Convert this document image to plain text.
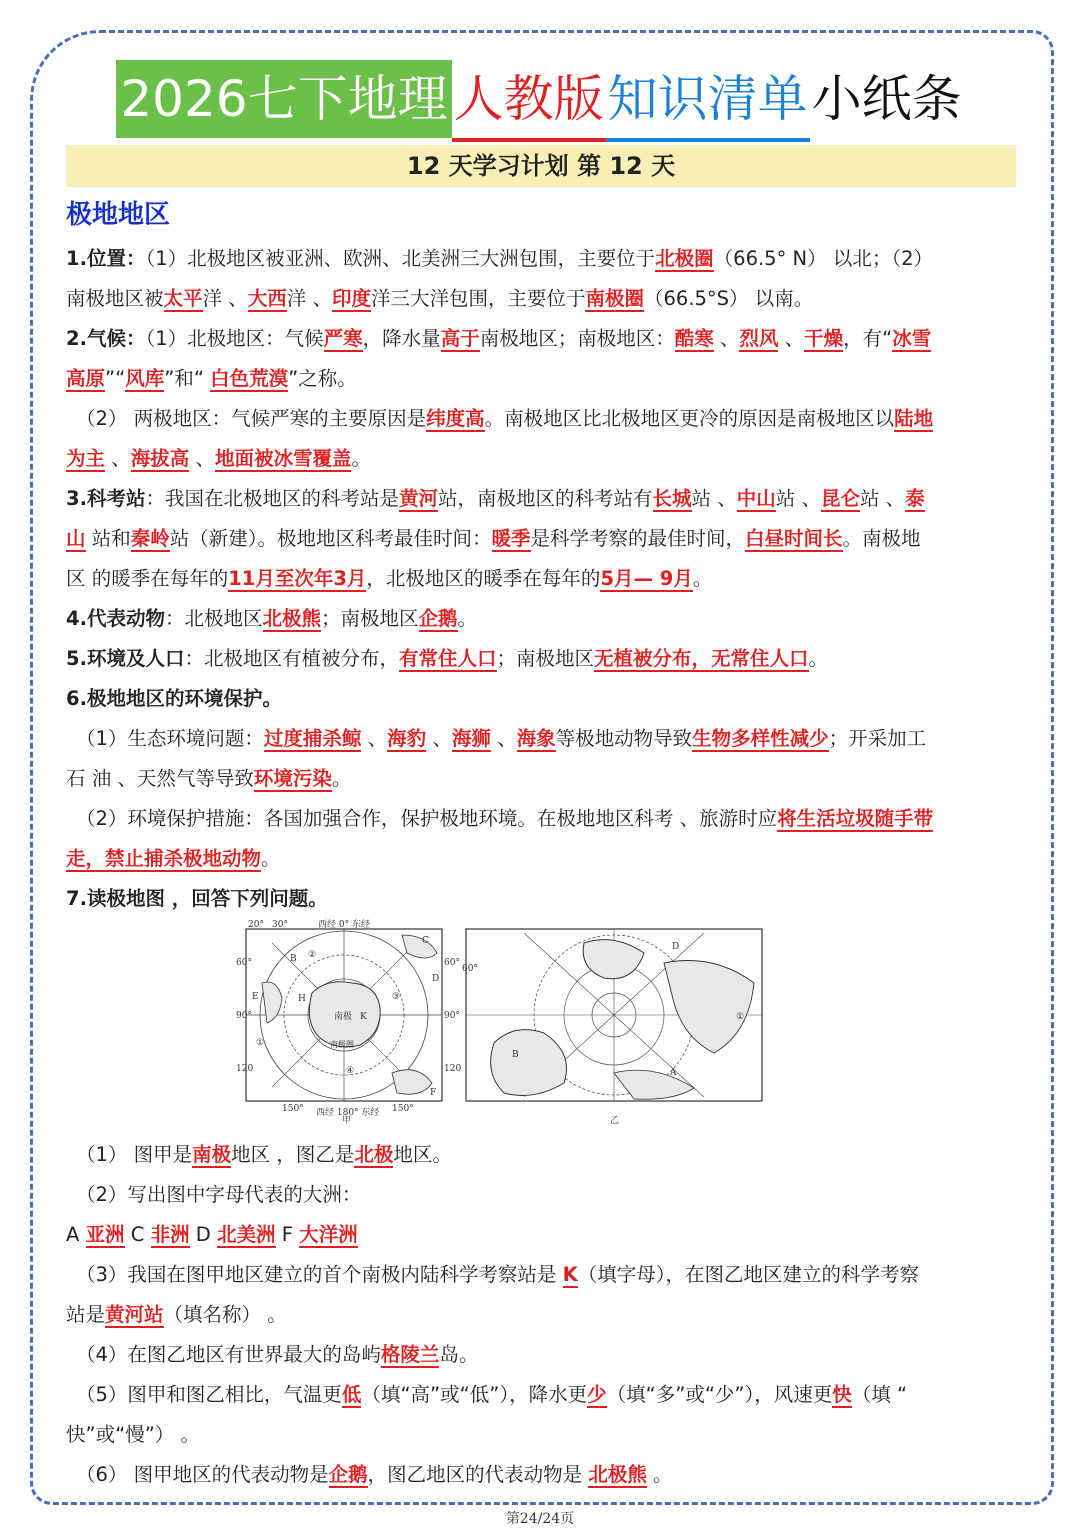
2026七下地理 人教版知识清单小纸条
12 天学习计划 第 12 天
极地地区

1.位置：（1）北极地区被亚洲、欧洲、北美洲三大洲包围，主要位于北极圈（66.5° N） 以北；（2）

南极地区被太平洋 、大西洋 、印度洋三大洋包围，主要位于南极圈（66.5°S） 以南。

2.气候：（1）北极地区：气候严寒，降水量高于南极地区；南极地区：酷寒 、烈风 、干燥，有“冰雪

高原”“风库”和“ 白色荒漠”之称。

（2） 两极地区：气候严寒的主要原因是纬度高。南极地区比北极地区更冷的原因是南极地区以陆地

为主 、海拔高 、地面被冰雪覆盖。

3.科考站：我国在北极地区的科考站是黄河站，南极地区的科考站有长城站 、中山站 、昆仑站 、泰

山 站和秦岭站（新建）。极地地区科考最佳时间：暖季是科学考察的最佳时间，白昼时间长。南极地

区 的暖季在每年的11月至次年3月，北极地区的暖季在每年的5月— 9月。

4.代表动物：北极地区北极熊；南极地区企鹅。

5.环境及人口：北极地区有植被分布，有常住人口；南极地区无植被分布，无常住人口。

6.极地地区的环境保护。

（1）生态环境问题：过度捕杀鲸 、海豹 、海狮 、海象等极地动物导致生物多样性减少；开采加工

石 油 、天然气等导致环境污染。

（2）环境保护措施：各国加强合作，保护极地环境。在极地地区科考 、旅游时应将生活垃圾随手带

走，禁止捕杀极地动物。

7.读极地图 ，回答下列问题。

西经 0° 东经
西经 180° 东经
甲
20° 30°
60°	60°
90°	90°
120	120
150°	150°
南极
南极圈
B
C
D
E
F
H
K
①
②
③
④
乙
60°
A
B
D
①

（1） 图甲是南极地区 ，图乙是北极地区。

（2）写出图中字母代表的大洲：

A 亚洲 C 非洲 D 北美洲 F 大洋洲

（3）我国在图甲地区建立的首个南极内陆科学考察站是 K（填字母），在图乙地区建立的科学考察

站是黄河站（填名称） 。

（4）在图乙地区有世界最大的岛屿格陵兰岛。

（5）图甲和图乙相比，气温更低（填“高”或“低”），降水更少（填“多”或“少”），风速更快（填 “

快”或“慢”） 。

（6） 图甲地区的代表动物是企鹅，图乙地区的代表动物是 北极熊 。

第24/24页
